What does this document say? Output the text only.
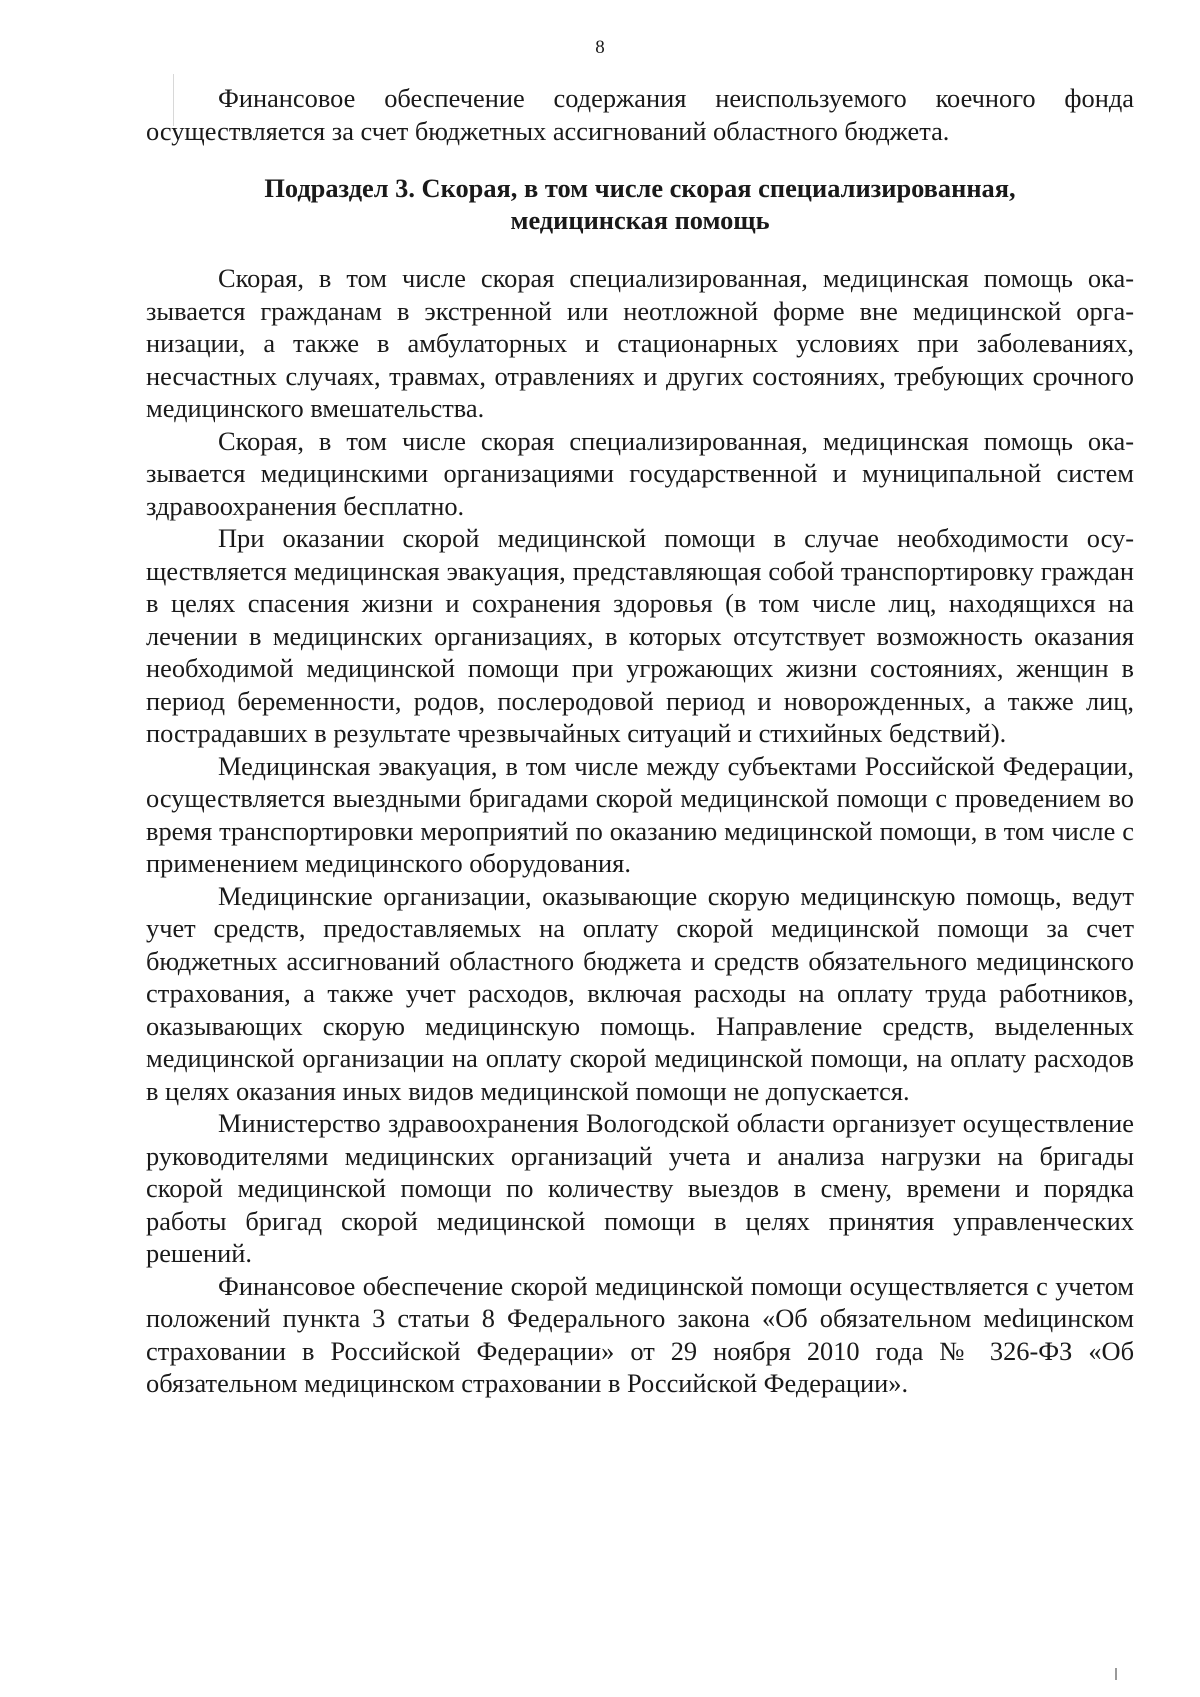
8

Финансовое обеспечение содержания неиспользуемого коечного фонда осуществляется за счет бюджетных ассигнований областного бюджета.

Подраздел 3. Скорая, в том числе скорая специализированная,
медицинская помощь

Скорая, в том числе скорая специализированная, медицинская помощь оказывается гражданам в экстренной или неотложной форме вне медицинской организации, а также в амбулаторных и стационарных условиях при заболеваниях, несчастных случаях, травмах, отравлениях и других состояниях, требующих срочного медицинского вмешательства.

Скорая, в том числе скорая специализированная, медицинская помощь оказывается медицинскими организациями государственной и муниципальной систем здравоохранения бесплатно.

При оказании скорой медицинской помощи в случае необходимости осуществляется медицинская эвакуация, представляющая собой транспортировку граждан в целях спасения жизни и сохранения здоровья (в том числе лиц, находящихся на лечении в медицинских организациях, в которых отсутствует возможность оказания необходимой медицинской помощи при угрожающих жизни состояниях, женщин в период беременности, родов, послеродовой период и новорожденных, а также лиц, пострадавших в результате чрезвычайных ситуаций и стихийных бедствий).

Медицинская эвакуация, в том числе между субъектами Российской Федерации, осуществляется выездными бригадами скорой медицинской помощи с проведением во время транспортировки мероприятий по оказанию медицинской помощи, в том числе с применением медицинского оборудования.

Медицинские организации, оказывающие скорую медицинскую помощь, ведут учет средств, предоставляемых на оплату скорой медицинской помощи за счет бюджетных ассигнований областного бюджета и средств обязательного медицинского страхования, а также учет расходов, включая расходы на оплату труда работников, оказывающих скорую медицинскую помощь. Направление средств, выделенных медицинской организации на оплату скорой медицинской помощи, на оплату расходов в целях оказания иных видов медицинской помощи не допускается.

Министерство здравоохранения Вологодской области организует осуществление руководителями медицинских организаций учета и анализа нагрузки на бригады скорой медицинской помощи по количеству выездов в смену, времени и порядка работы бригад скорой медицинской помощи в целях принятия управленческих решений.

Финансовое обеспечение скорой медицинской помощи осуществляется с учетом положений пункта 3 статьи 8 Федерального закона «Об обязательном меdицинском страховании в Российской Федерации» от 29 ноября 2010 года № 326-ФЗ «Об обязательном медицинском страховании в Российской Федерации».
